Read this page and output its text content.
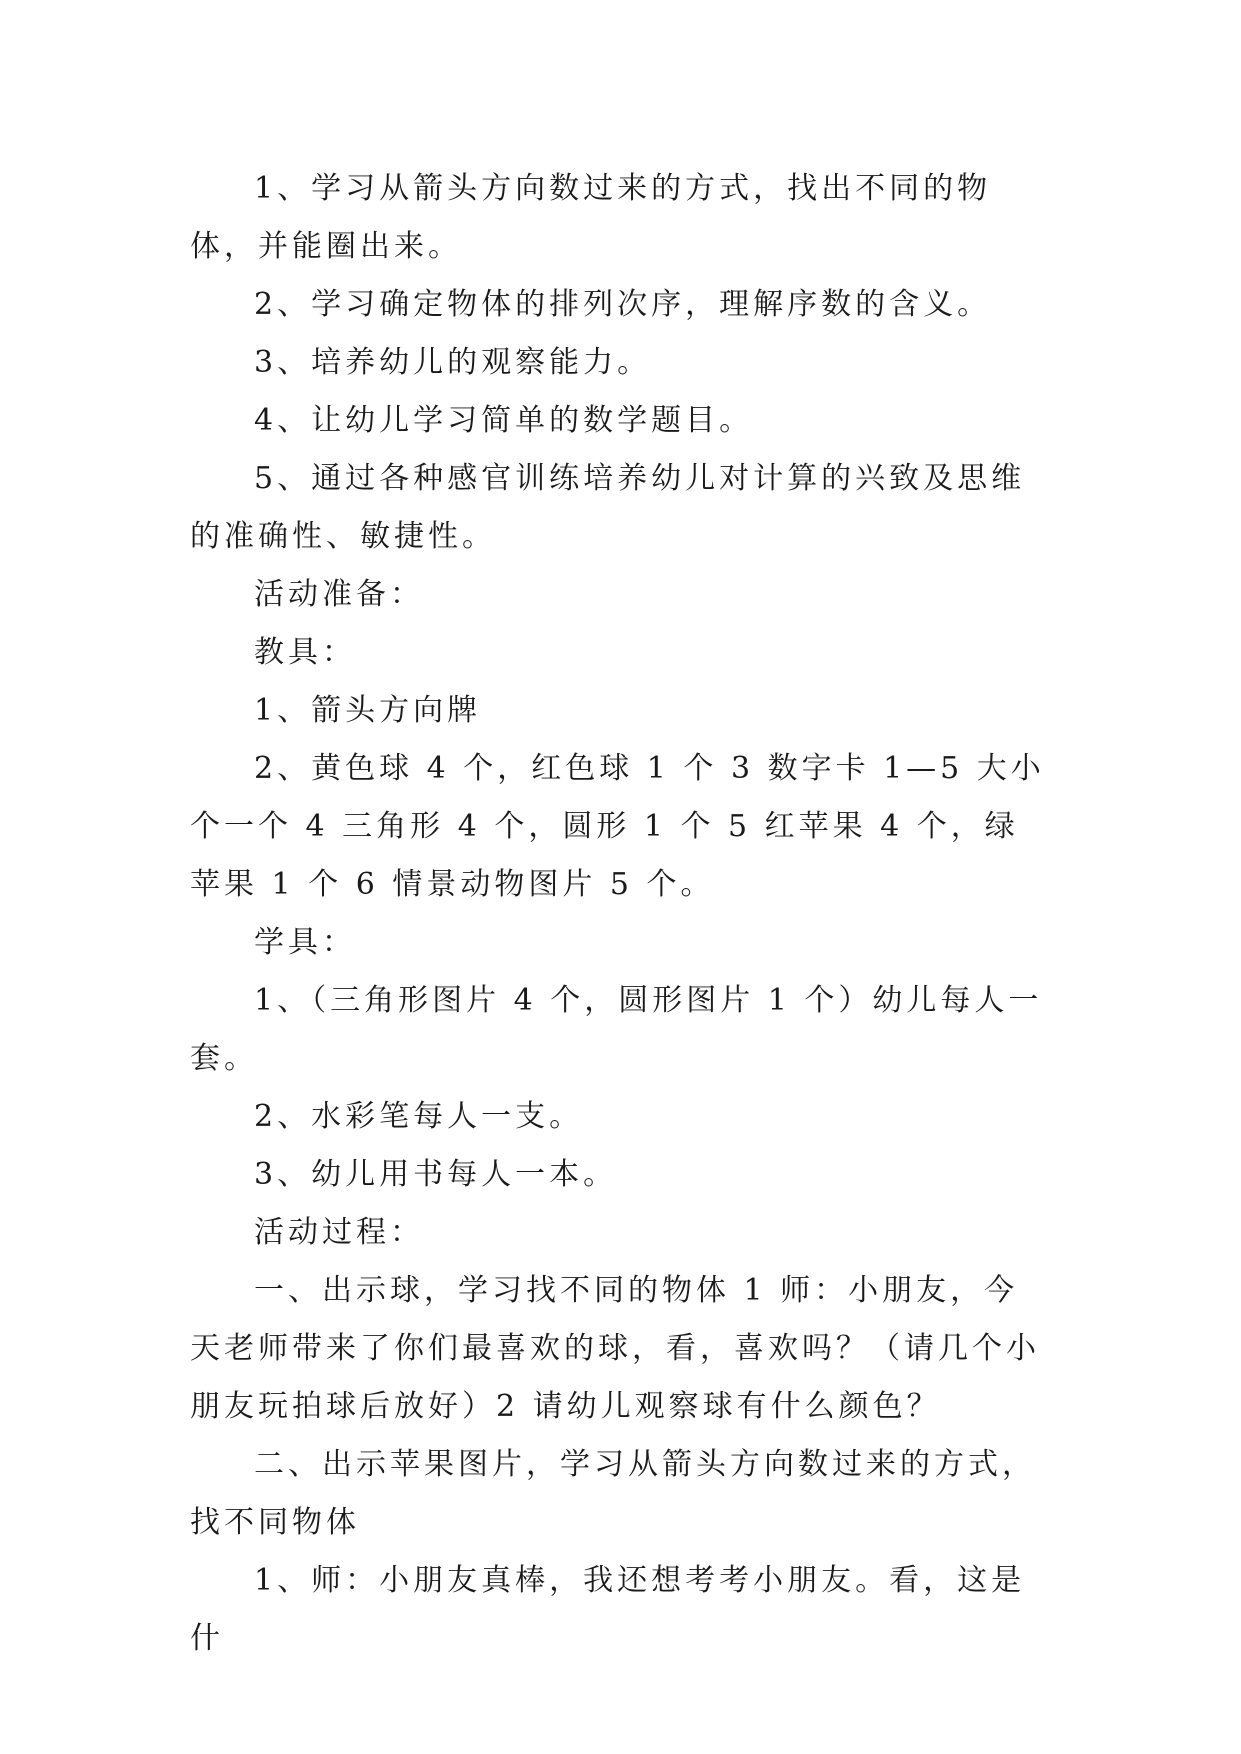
1、学习从箭头方向数过来的方式，找出不同的物体，并能圈出来。

2、学习确定物体的排列次序，理解序数的含义。

3、培养幼儿的观察能力。

4、让幼儿学习简单的数学题目。

5、通过各种感官训练培养幼儿对计算的兴致及思维的准确性、敏捷性。

活动准备：

教具：

1、箭头方向牌

2、黄色球 4 个，红色球 1 个 3 数字卡 1—5 大小个一个 4 三角形 4 个，圆形 1 个 5 红苹果 4 个，绿苹果 1 个 6 情景动物图片 5 个。

学具：

1、（三角形图片 4 个，圆形图片 1 个）幼儿每人一套。

2、水彩笔每人一支。

3、幼儿用书每人一本。

活动过程：

一、出示球，学习找不同的物体 1 师：小朋友，今天老师带来了你们最喜欢的球，看，喜欢吗？（请几个小朋友玩拍球后放好）2 请幼儿观察球有什么颜色？

二、出示苹果图片，学习从箭头方向数过来的方式，找不同物体

1、师：小朋友真棒，我还想考考小朋友。看，这是什
